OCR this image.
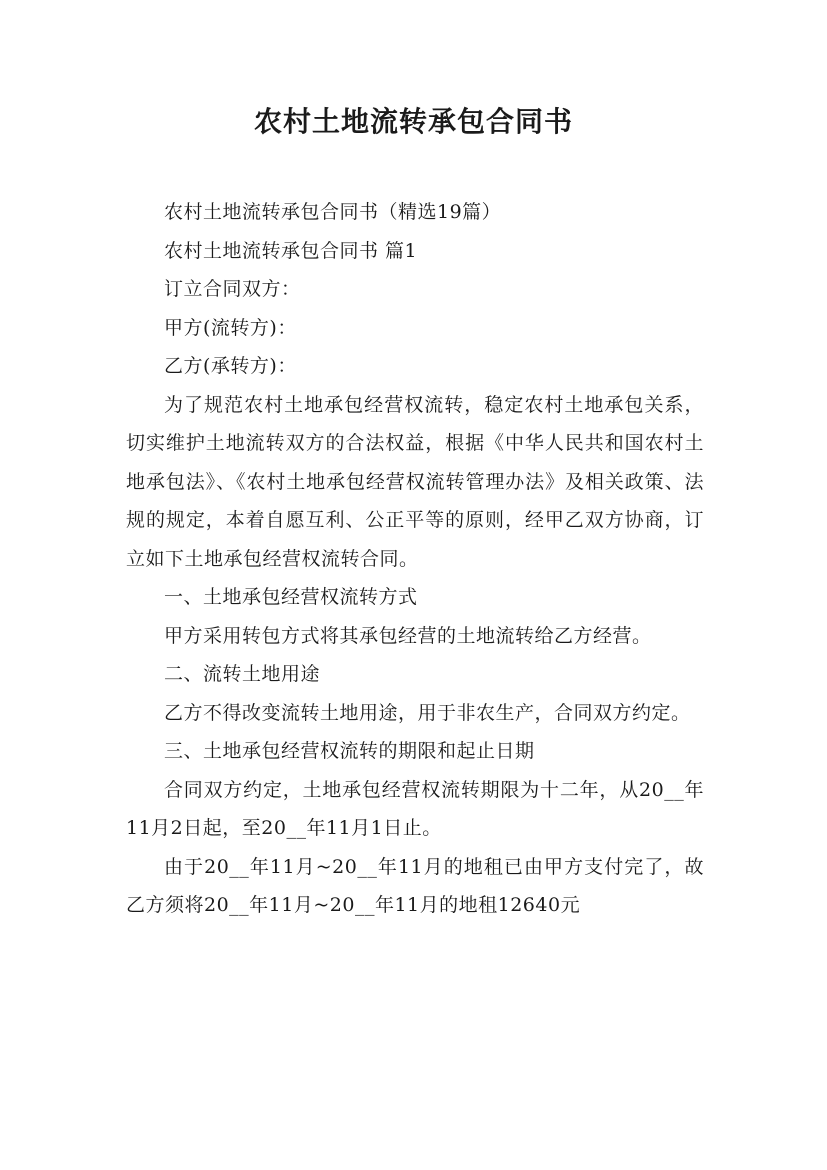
农村土地流转承包合同书

农村土地流转承包合同书（精选19篇）

农村土地流转承包合同书 篇1

订立合同双方：

甲方(流转方)：

乙方(承转方)：

为了规范农村土地承包经营权流转，稳定农村土地承包关系，切实维护土地流转双方的合法权益，根据《中华人民共和国农村土地承包法》、《农村土地承包经营权流转管理办法》及相关政策、法规的规定，本着自愿互利、公正平等的原则，经甲乙双方协商，订立如下土地承包经营权流转合同。

一、土地承包经营权流转方式

甲方采用转包方式将其承包经营的土地流转给乙方经营。

二、流转土地用途

乙方不得改变流转土地用途，用于非农生产，合同双方约定。

三、土地承包经营权流转的期限和起止日期

合同双方约定，土地承包经营权流转期限为十二年，从20__年11月2日起，至20__年11月1日止。

由于20__年11月~20__年11月的地租已由甲方支付完了，故乙方须将20__年11月~20__年11月的地租12640元
